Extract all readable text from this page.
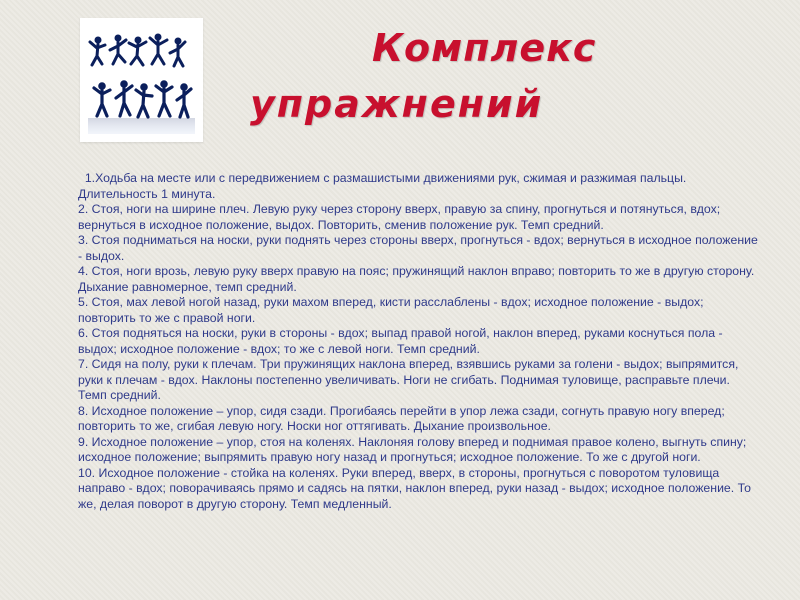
Комплекс
упражнений

1.Ходьба на месте или с передвижением с размашистыми движениями рук, сжимая и разжимая пальцы. Длительность 1 минута.

2. Стоя, ноги на ширине плеч. Левую руку через сторону вверх, правую за спину, прогнуться и потянуться, вдох; вернуться в исходное положение, выдох. Повторить, сменив положение рук. Темп средний.

3. Стоя подниматься на носки, руки поднять через стороны вверх, прогнуться - вдох; вернуться в исходное положение - выдох.

4. Стоя, ноги врозь, левую руку вверх правую на пояс; пружинящий наклон вправо; повторить то же в другую сторону. Дыхание равномерное, темп средний.

5. Стоя, мах левой ногой назад, руки махом вперед, кисти расслаблены - вдох; исходное положение - выдох; повторить то же с правой ноги.

6. Стоя подняться на носки, руки в стороны - вдох; выпад правой ногой, наклон вперед, руками коснуться пола - выдох; исходное положение - вдох; то же с левой ноги. Темп средний.

7. Сидя на полу, руки к плечам. Три пружинящих наклона вперед, взявшись руками за голени - выдох; выпрямится, руки к плечам - вдох. Наклоны постепенно увеличивать. Ноги не сгибать. Поднимая туловище, расправьте плечи. Темп средний.

8. Исходное положение – упор, сидя сзади. Прогибаясь перейти в упор лежа сзади, согнуть правую ногу вперед; повторить то же, сгибая левую ногу. Носки ног оттягивать. Дыхание произвольное.

9. Исходное положение – упор, стоя на коленях. Наклоняя голову вперед и поднимая правое колено, выгнуть спину; исходное положение; выпрямить правую ногу назад и прогнуться; исходное положение. То же с другой ноги.

10. Исходное положение - стойка на коленях. Руки вперед, вверх, в стороны, прогнуться с поворотом туловища направо - вдох; поворачиваясь прямо и садясь на пятки, наклон вперед, руки назад - выдох; исходное положение. То же, делая поворот в другую сторону. Темп медленный.
